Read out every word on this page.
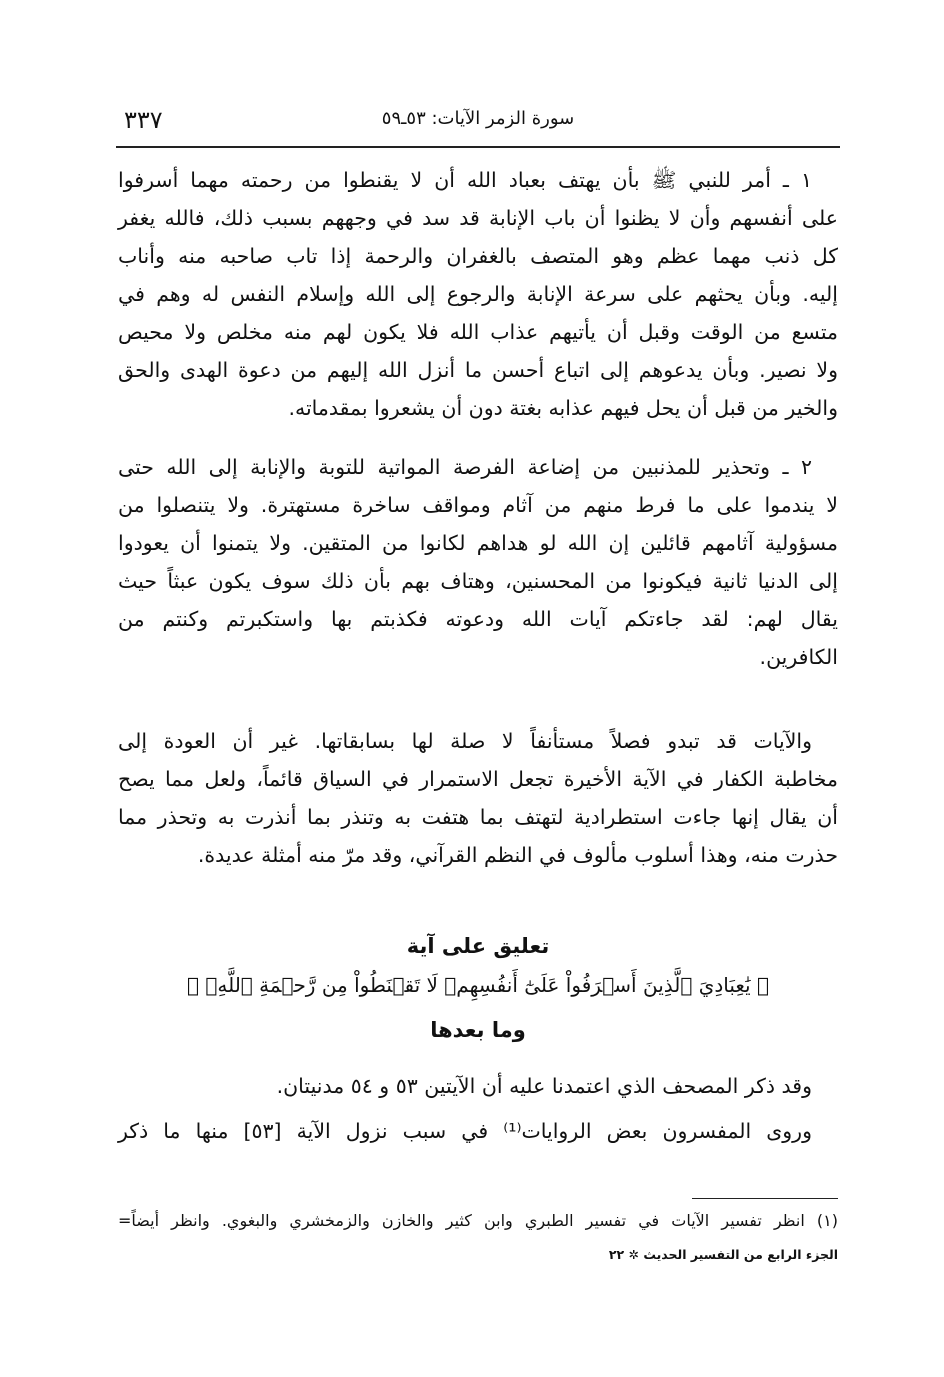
٣٣٧	سورة الزمر الآيات: ٥٣ـ٥٩
١ ـ أمر للنبي ﷺ بأن يهتف بعباد الله أن لا يقنطوا من رحمته مهما أسرفوا
على أنفسهم وأن لا يظنوا أن باب الإنابة قد سد في وجههم بسبب ذلك، فالله يغفر
كل ذنب مهما عظم وهو المتصف بالغفران والرحمة إذا تاب صاحبه منه وأناب
إليه. وبأن يحثهم على سرعة الإنابة والرجوع إلى الله وإسلام النفس له وهم في
متسع من الوقت وقبل أن يأتيهم عذاب الله فلا يكون لهم منه مخلص ولا محيص
ولا نصير. وبأن يدعوهم إلى اتباع أحسن ما أنزل الله إليهم من دعوة الهدى والحق
والخير من قبل أن يحل فيهم عذابه بغتة دون أن يشعروا بمقدماته.
٢ ـ وتحذير للمذنبين من إضاعة الفرصة المواتية للتوبة والإنابة إلى الله حتى
لا يندموا على ما فرط منهم من آثام ومواقف ساخرة مستهترة. ولا يتنصلوا من
مسؤولية آثامهم قائلين إن الله لو هداهم لكانوا من المتقين. ولا يتمنوا أن يعودوا
إلى الدنيا ثانية فيكونوا من المحسنين، وهتاف بهم بأن ذلك سوف يكون عبثاً حيث
يقال لهم: لقد جاءتكم آيات الله ودعوته فكذبتم بها واستكبرتم وكنتم من
الكافرين.
والآيات قد تبدو فصلاً مستأنفاً لا صلة لها بسابقاتها. غير أن العودة إلى
مخاطبة الكفار في الآية الأخيرة تجعل الاستمرار في السياق قائماً، ولعل مما يصح
أن يقال إنها جاءت استطرادية لتهتف بما هتفت به وتنذر بما أنذرت به وتحذر مما
حذرت منه، وهذا أسلوب مألوف في النظم القرآني، وقد مرّ منه أمثلة عديدة.
تعليق على آية
﴿ يَٰعِبَادِيَ ٱلَّذِينَ أَسۡرَفُواْ عَلَىٰٓ أَنفُسِهِمۡ لَا تَقۡنَطُواْ مِن رَّحۡمَةِ ٱللَّهِۚ ﴾
وما بعدها
وقد ذكر المصحف الذي اعتمدنا عليه أن الآيتين ٥٣ و ٥٤ مدنيتان.
وروى المفسرون بعض الروايات⁽¹⁾ في سبب نزول الآية [٥٣] منها ما ذكر
(١) انظر تفسير الآيات في تفسير الطبري وابن كثير والخازن والزمخشري والبغوي. وانظر أيضاً=
الجزء الرابع من التفسير الحديث ✲ ٢٢
